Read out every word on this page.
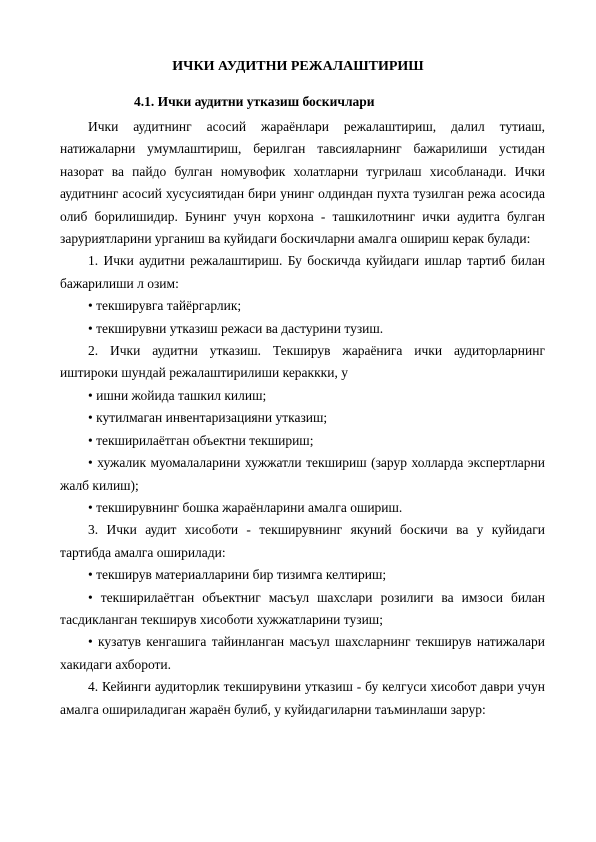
ИЧКИ АУДИТНИ РЕЖАЛАШТИРИШ
4.1. Ички аудитни утказиш боскичлари

Ички аудитнинг асосий жараёнлари режалаштириш, далил тутиаш, натижаларни умумлаштириш, берилган тавсияларнинг бажарилиши устидан назорат ва пайдо булган номувофик холатларни тугрилаш хисобланади. Ички аудитнинг асосий хусусиятидан бири унинг олдиндан пухта тузилган режа асосида олиб борилишидир. Бунинг учун корхона - ташкилотнинг ички аудитга булган заруриятларини урганиш ва куйидаги боскичларни амалга ошириш керак булади:

1. Ички аудитни режалаштириш. Бу боскичда куйидаги ишлар тартиб билан бажарилиши л озим:

• текширувга тайёргарлик;

• текширувни утказиш режаси ва дастурини тузиш.

2. Ички аудитни утказиш. Текширув жараёнига ички аудиторларнинг иштироки шундай режалаштирилиши кераккки, у

• ишни жойида ташкил килиш;

• кутилмаган инвентаризацияни утказиш;

• текширилаётган объектни текшириш;

• хужалик муомалаларини хужжатли текшириш (зарур холларда экспертларни жалб килиш);

• текширувнинг бошка жараёнларини амалга ошириш.

3. Ички аудит хисоботи - текширувнинг якуний боскичи ва у куйидаги тартибда амалга оширилади:

• текширув материалларини бир тизимга келтириш;

• текширилаётган объектниг масъул шахслари розилиги ва имзоси билан тасдикланган текширув хисоботи хужжатларини тузиш;

• кузатув кенгашига тайинланган масъул шахсларнинг текширув натижалари хакидаги ахбороти.

4. Кейинги аудиторлик текширувини утказиш - бу келгуси хисобот даври учун амалга ошириладиган жараён булиб, у куйидагиларни таъминлаши зарур:
